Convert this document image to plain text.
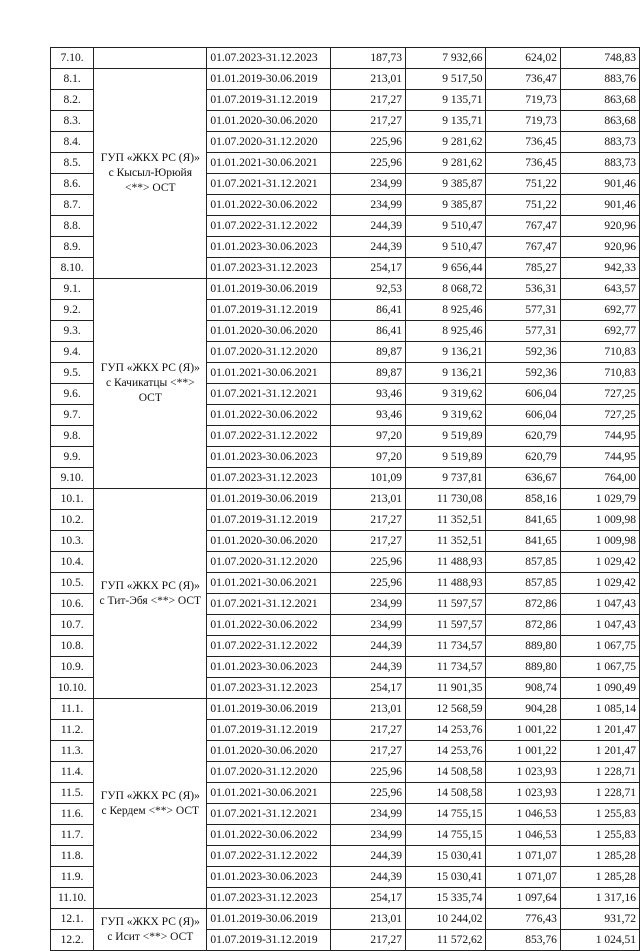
7.10.		01.07.2023-31.12.2023	187,73	7 932,66	624,02	748,83
8.1.	ГУП «ЖКХ РС (Я)» с Кысыл-Юрюйя <**> ОСТ	01.01.2019-30.06.2019	213,01	9 517,50	736,47	883,76
8.2.		01.07.2019-31.12.2019	217,27	9 135,71	719,73	863,68
8.3.		01.01.2020-30.06.2020	217,27	9 135,71	719,73	863,68
8.4.		01.07.2020-31.12.2020	225,96	9 281,62	736,45	883,73
8.5.		01.01.2021-30.06.2021	225,96	9 281,62	736,45	883,73
8.6.		01.07.2021-31.12.2021	234,99	9 385,87	751,22	901,46
8.7.		01.01.2022-30.06.2022	234,99	9 385,87	751,22	901,46
8.8.		01.07.2022-31.12.2022	244,39	9 510,47	767,47	920,96
8.9.		01.01.2023-30.06.2023	244,39	9 510,47	767,47	920,96
8.10.		01.07.2023-31.12.2023	254,17	9 656,44	785,27	942,33
9.1.	ГУП «ЖКХ РС (Я)» с Качикатцы <**> ОСТ	01.01.2019-30.06.2019	92,53	8 068,72	536,31	643,57
9.2.		01.07.2019-31.12.2019	86,41	8 925,46	577,31	692,77
9.3.		01.01.2020-30.06.2020	86,41	8 925,46	577,31	692,77
9.4.		01.07.2020-31.12.2020	89,87	9 136,21	592,36	710,83
9.5.		01.01.2021-30.06.2021	89,87	9 136,21	592,36	710,83
9.6.		01.07.2021-31.12.2021	93,46	9 319,62	606,04	727,25
9.7.		01.01.2022-30.06.2022	93,46	9 319,62	606,04	727,25
9.8.		01.07.2022-31.12.2022	97,20	9 519,89	620,79	744,95
9.9.		01.01.2023-30.06.2023	97,20	9 519,89	620,79	744,95
9.10.		01.07.2023-31.12.2023	101,09	9 737,81	636,67	764,00
10.1.	ГУП «ЖКХ РС (Я)» с Тит-Эбя <**> ОСТ	01.01.2019-30.06.2019	213,01	11 730,08	858,16	1 029,79
10.2.		01.07.2019-31.12.2019	217,27	11 352,51	841,65	1 009,98
10.3.		01.01.2020-30.06.2020	217,27	11 352,51	841,65	1 009,98
10.4.		01.07.2020-31.12.2020	225,96	11 488,93	857,85	1 029,42
10.5.		01.01.2021-30.06.2021	225,96	11 488,93	857,85	1 029,42
10.6.		01.07.2021-31.12.2021	234,99	11 597,57	872,86	1 047,43
10.7.		01.01.2022-30.06.2022	234,99	11 597,57	872,86	1 047,43
10.8.		01.07.2022-31.12.2022	244,39	11 734,57	889,80	1 067,75
10.9.		01.01.2023-30.06.2023	244,39	11 734,57	889,80	1 067,75
10.10.		01.07.2023-31.12.2023	254,17	11 901,35	908,74	1 090,49
11.1.	ГУП «ЖКХ РС (Я)» с Кердем <**> ОСТ	01.01.2019-30.06.2019	213,01	12 568,59	904,28	1 085,14
11.2.		01.07.2019-31.12.2019	217,27	14 253,76	1 001,22	1 201,47
11.3.		01.01.2020-30.06.2020	217,27	14 253,76	1 001,22	1 201,47
11.4.		01.07.2020-31.12.2020	225,96	14 508,58	1 023,93	1 228,71
11.5.		01.01.2021-30.06.2021	225,96	14 508,58	1 023,93	1 228,71
11.6.		01.07.2021-31.12.2021	234,99	14 755,15	1 046,53	1 255,83
11.7.		01.01.2022-30.06.2022	234,99	14 755,15	1 046,53	1 255,83
11.8.		01.07.2022-31.12.2022	244,39	15 030,41	1 071,07	1 285,28
11.9.		01.01.2023-30.06.2023	244,39	15 030,41	1 071,07	1 285,28
11.10.		01.07.2023-31.12.2023	254,17	15 335,74	1 097,64	1 317,16
12.1.	ГУП «ЖКХ РС (Я)» с Исит <**> ОСТ	01.01.2019-30.06.2019	213,01	10 244,02	776,43	931,72
12.2.		01.07.2019-31.12.2019	217,27	11 572,62	853,76	1 024,51
